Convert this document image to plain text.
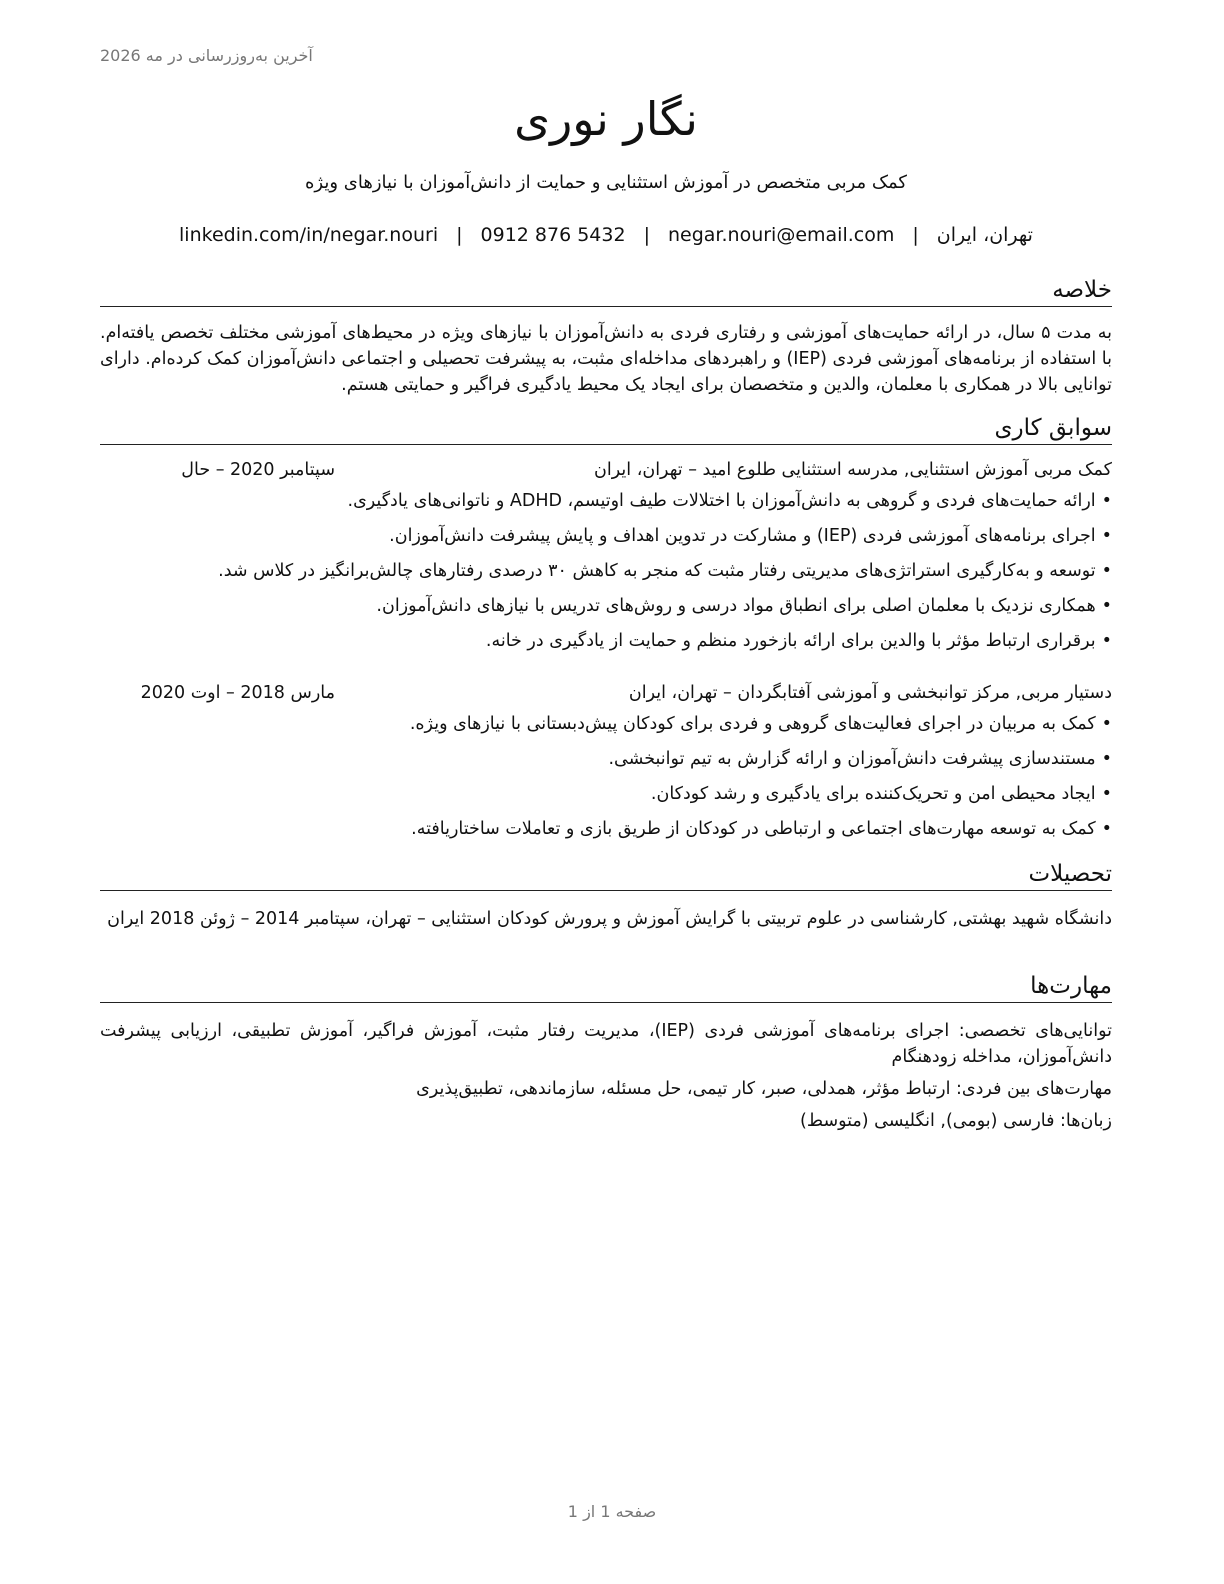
آخرین به‌روزرسانی در مه 2026
نگار نوری
کمک مربی متخصص در آموزش استثنایی و حمایت از دانش‌آموزان با نیازهای ویژه
تهران، ایران|negar.nouri@email.com|0912 876 5432|linkedin.com/in/negar.nouri
خلاصه
به مدت ۵ سال، در ارائه حمایت‌های آموزشی و رفتاری فردی به دانش‌آموزان با نیازهای ویژه در محیط‌های آموزشی مختلف تخصص یافته‌ام. با استفاده از برنامه‌های آموزشی فردی (IEP) و راهبردهای مداخله‌ای مثبت، به پیشرفت تحصیلی و اجتماعی دانش‌آموزان کمک کرده‌ام. دارای توانایی بالا در همکاری با معلمان، والدین و متخصصان برای ایجاد یک محیط یادگیری فراگیر و حمایتی هستم.
سوابق کاری
کمک مربی آموزش استثنایی, مدرسه استثنایی طلوع امید – تهران، ایران
سپتامبر 2020 – حال
•ارائه حمایت‌های فردی و گروهی به دانش‌آموزان با اختلالات طیف اوتیسم، ADHD و ناتوانی‌های یادگیری.
•اجرای برنامه‌های آموزشی فردی (IEP) و مشارکت در تدوین اهداف و پایش پیشرفت دانش‌آموزان.
•توسعه و به‌کارگیری استراتژی‌های مدیریتی رفتار مثبت که منجر به کاهش ۳۰ درصدی رفتارهای چالش‌برانگیز در کلاس شد.
•همکاری نزدیک با معلمان اصلی برای انطباق مواد درسی و روش‌های تدریس با نیازهای دانش‌آموزان.
•برقراری ارتباط مؤثر با والدین برای ارائه بازخورد منظم و حمایت از یادگیری در خانه.
دستیار مربی, مرکز توانبخشی و آموزشی آفتابگردان – تهران، ایران
مارس 2018 – اوت 2020
•کمک به مربیان در اجرای فعالیت‌های گروهی و فردی برای کودکان پیش‌دبستانی با نیازهای ویژه.
•مستندسازی پیشرفت دانش‌آموزان و ارائه گزارش به تیم توانبخشی.
•ایجاد محیطی امن و تحریک‌کننده برای یادگیری و رشد کودکان.
•کمک به توسعه مهارت‌های اجتماعی و ارتباطی در کودکان از طریق بازی و تعاملات ساختاریافته.
تحصیلات
دانشگاه شهید بهشتی, کارشناسی در علوم تربیتی با گرایش آموزش و پرورش کودکان استثنایی – تهران، سپتامبر 2014 – ژوئن 2018 ایران
مهارت‌ها
توانایی‌های تخصصی: اجرای برنامه‌های آموزشی فردی (IEP)، مدیریت رفتار مثبت، آموزش فراگیر، آموزش تطبیقی، ارزیابی پیشرفت دانش‌آموزان، مداخله زودهنگام
مهارت‌های بین فردی: ارتباط مؤثر، همدلی، صبر، کار تیمی، حل مسئله، سازماندهی، تطبیق‌پذیری
زبان‌ها: فارسی (بومی), انگلیسی (متوسط)
صفحه 1 از 1
